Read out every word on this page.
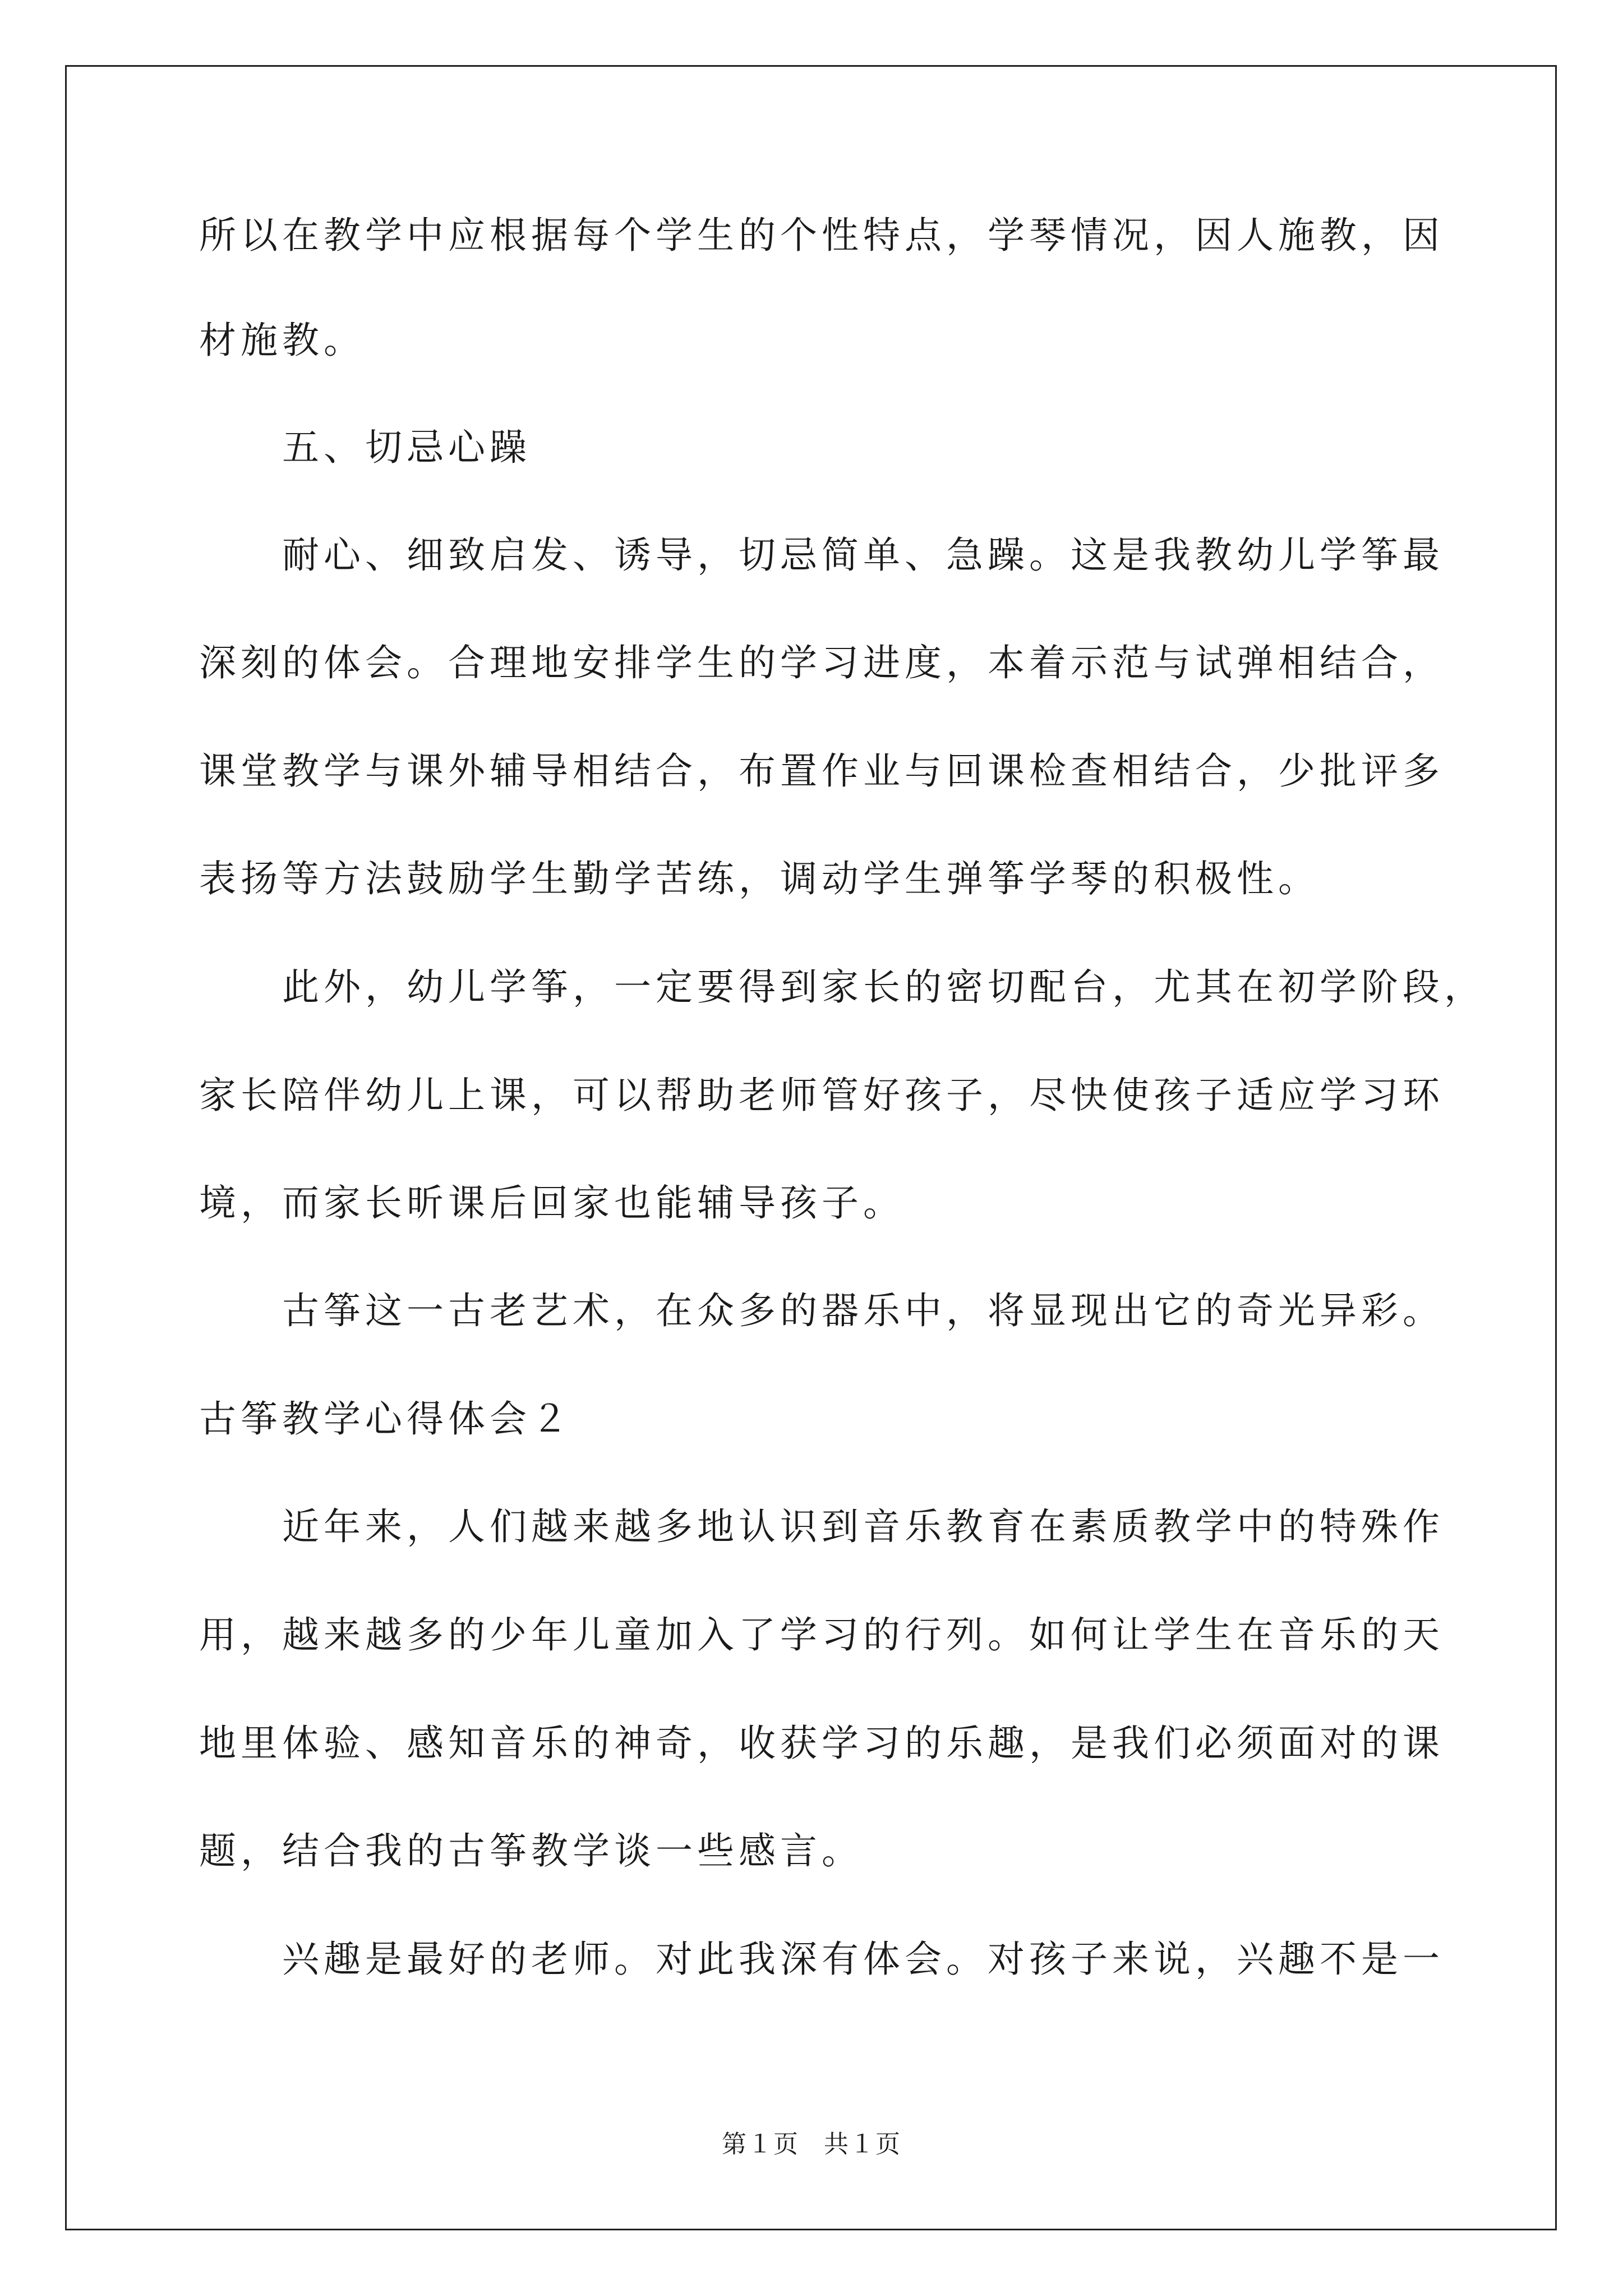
所以在教学中应根据每个学生的个性特点，学琴情况，因人施教，因
材施教。
五、切忌心躁
耐心、细致启发、诱导，切忌简单、急躁。这是我教幼儿学筝最
深刻的体会。合理地安排学生的学习进度，本着示范与试弹相结合，
课堂教学与课外辅导相结合，布置作业与回课检查相结合，少批评多
表扬等方法鼓励学生勤学苦练，调动学生弹筝学琴的积极性。
此外，幼儿学筝，一定要得到家长的密切配台，尤其在初学阶段，
家长陪伴幼儿上课，可以帮助老师管好孩子，尽快使孩子适应学习环
境，而家长昕课后回家也能辅导孩子。
古筝这一古老艺术，在众多的器乐中，将显现出它的奇光异彩。
古筝教学心得体会２
近年来，人们越来越多地认识到音乐教育在素质教学中的特殊作
用，越来越多的少年儿童加入了学习的行列。如何让学生在音乐的天
地里体验、感知音乐的神奇，收获学习的乐趣，是我们必须面对的课
题，结合我的古筝教学谈一些感言。
兴趣是最好的老师。对此我深有体会。对孩子来说，兴趣不是一
第１页 共１页
